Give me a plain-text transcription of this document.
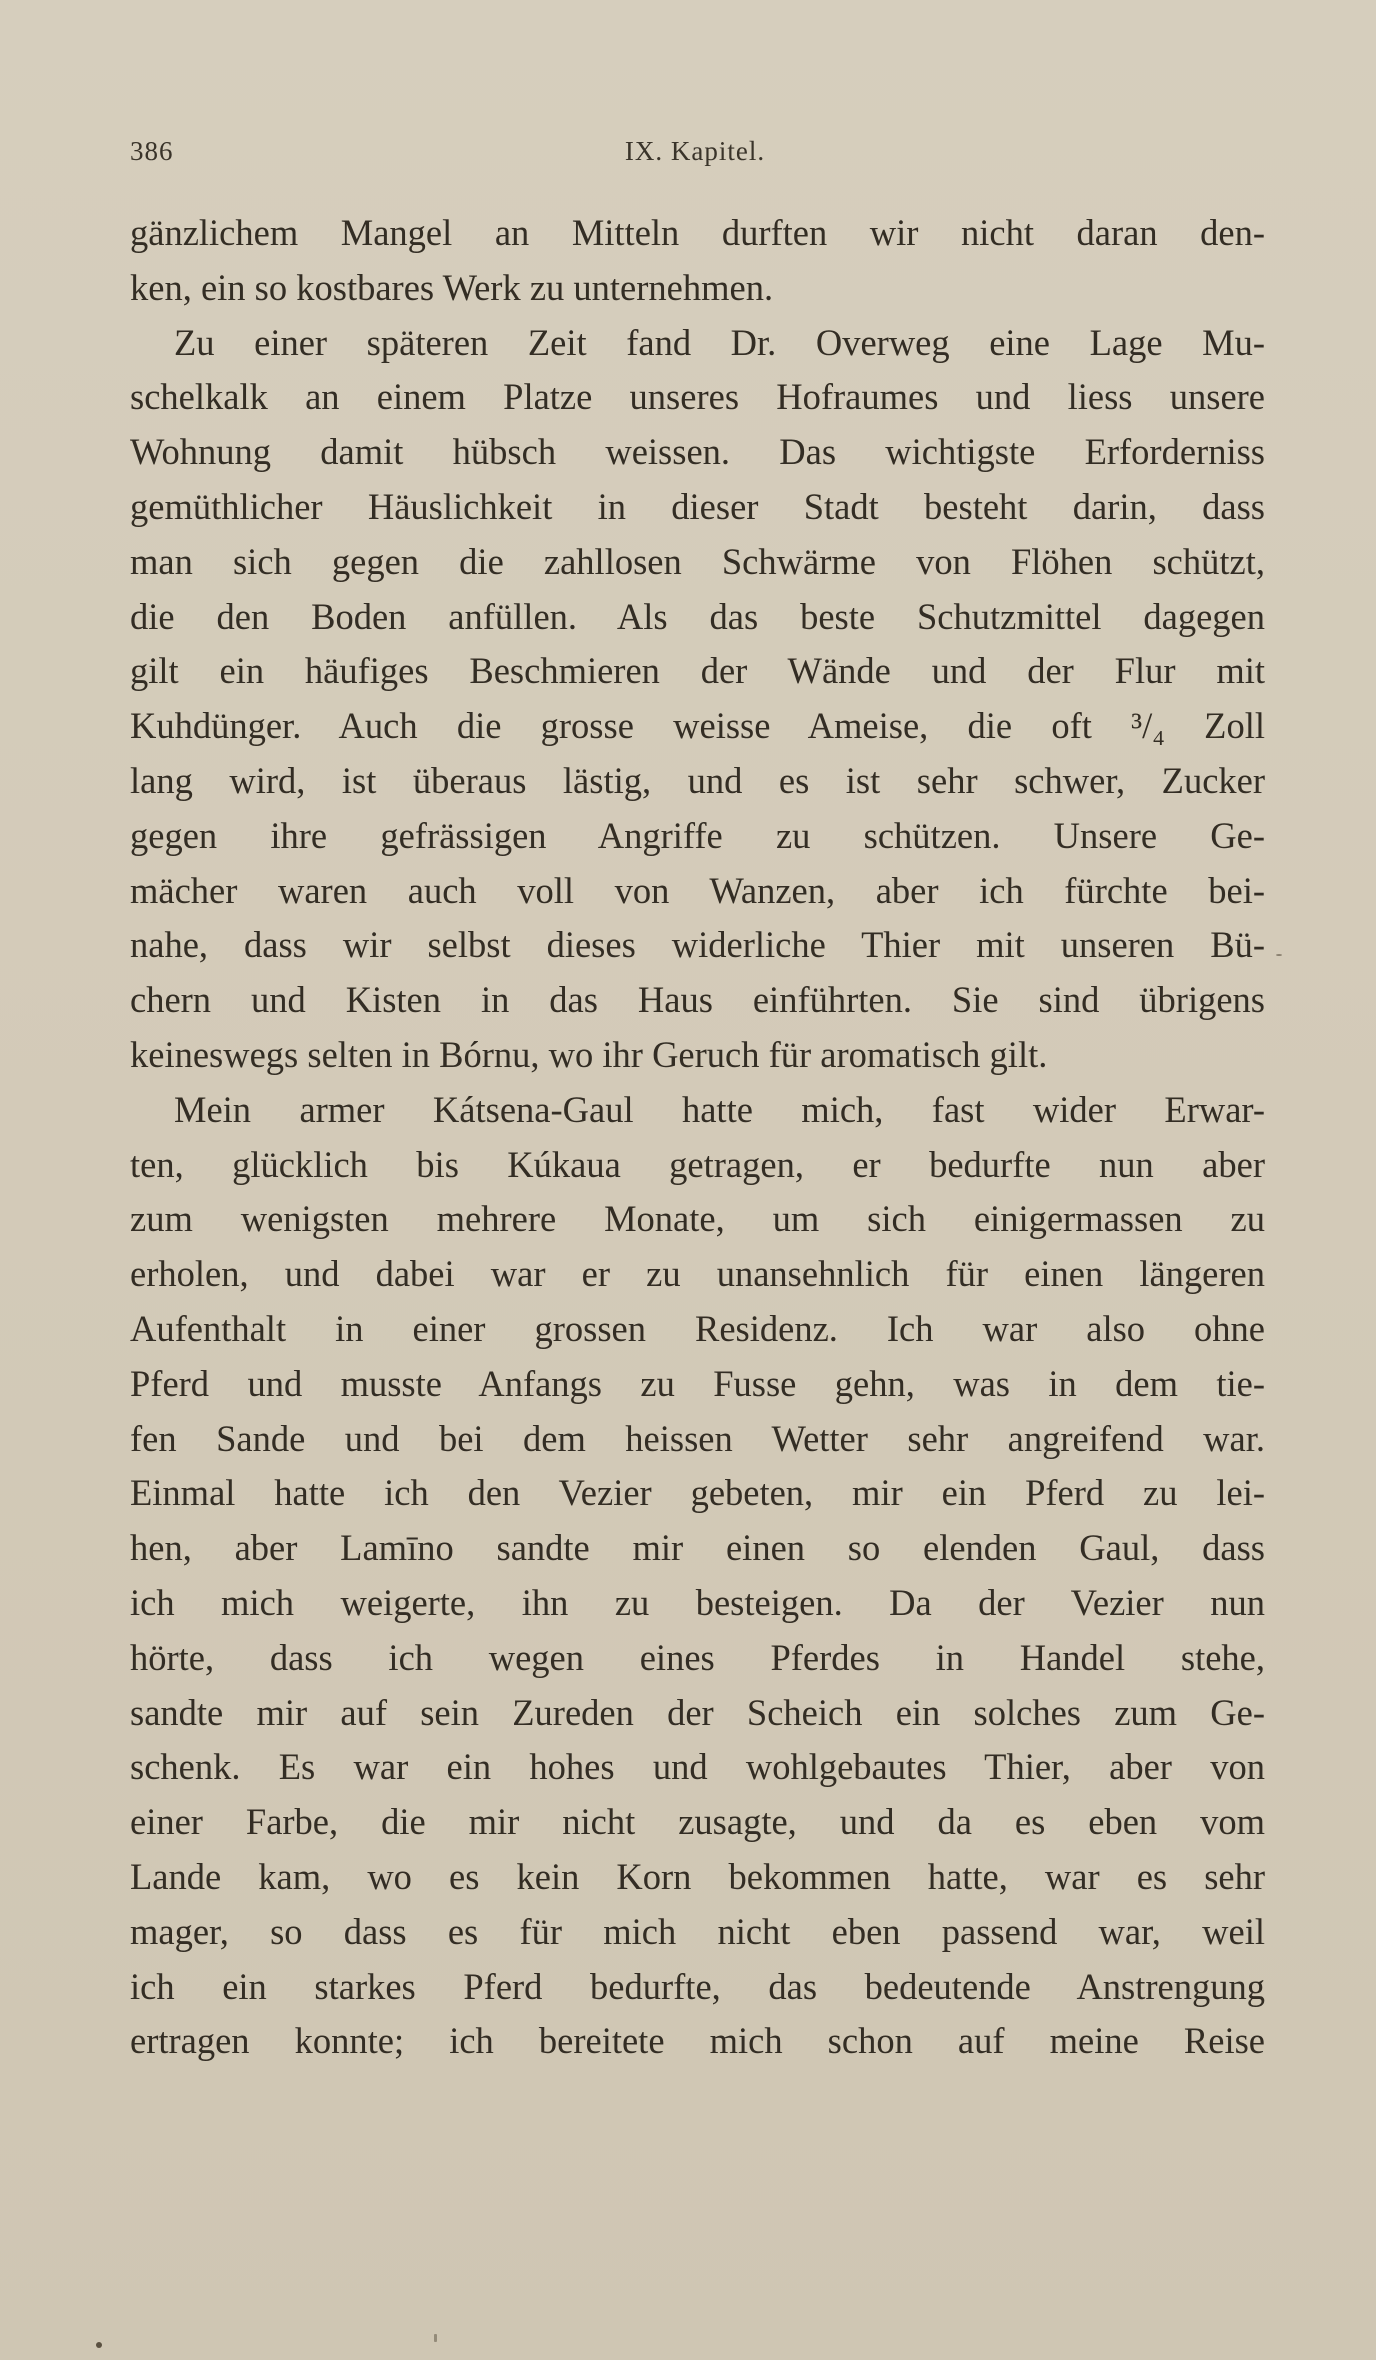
386	IX. Kapitel.
gänzlichem Mangel an Mitteln durften wir nicht daran den-
ken, ein so kostbares Werk zu unternehmen.
Zu einer späteren Zeit fand Dr. Overweg eine Lage Mu-
schelkalk an einem Platze unseres Hofraumes und liess unsere
Wohnung damit hübsch weissen. Das wichtigste Erforderniss
gemüthlicher Häuslichkeit in dieser Stadt besteht darin, dass
man sich gegen die zahllosen Schwärme von Flöhen schützt,
die den Boden anfüllen. Als das beste Schutzmittel dagegen
gilt ein häufiges Beschmieren der Wände und der Flur mit
Kuhdünger. Auch die grosse weisse Ameise, die oft ³/₄ Zoll
lang wird, ist überaus lästig, und es ist sehr schwer, Zucker
gegen ihre gefrässigen Angriffe zu schützen. Unsere Ge-
mächer waren auch voll von Wanzen, aber ich fürchte bei-
nahe, dass wir selbst dieses widerliche Thier mit unseren Bü-
chern und Kisten in das Haus einführten. Sie sind übrigens
keineswegs selten in Bórnu, wo ihr Geruch für aromatisch gilt.
Mein armer Kátsena-Gaul hatte mich, fast wider Erwar-
ten, glücklich bis Kúkaua getragen, er bedurfte nun aber
zum wenigsten mehrere Monate, um sich einigermassen zu
erholen, und dabei war er zu unansehnlich für einen längeren
Aufenthalt in einer grossen Residenz. Ich war also ohne
Pferd und musste Anfangs zu Fusse gehn, was in dem tie-
fen Sande und bei dem heissen Wetter sehr angreifend war.
Einmal hatte ich den Vezier gebeten, mir ein Pferd zu lei-
hen, aber Lamīno sandte mir einen so elenden Gaul, dass
ich mich weigerte, ihn zu besteigen. Da der Vezier nun
hörte, dass ich wegen eines Pferdes in Handel stehe,
sandte mir auf sein Zureden der Scheich ein solches zum Ge-
schenk. Es war ein hohes und wohlgebautes Thier, aber von
einer Farbe, die mir nicht zusagte, und da es eben vom
Lande kam, wo es kein Korn bekommen hatte, war es sehr
mager, so dass es für mich nicht eben passend war, weil
ich ein starkes Pferd bedurfte, das bedeutende Anstrengung
ertragen konnte; ich bereitete mich schon auf meine Reise
